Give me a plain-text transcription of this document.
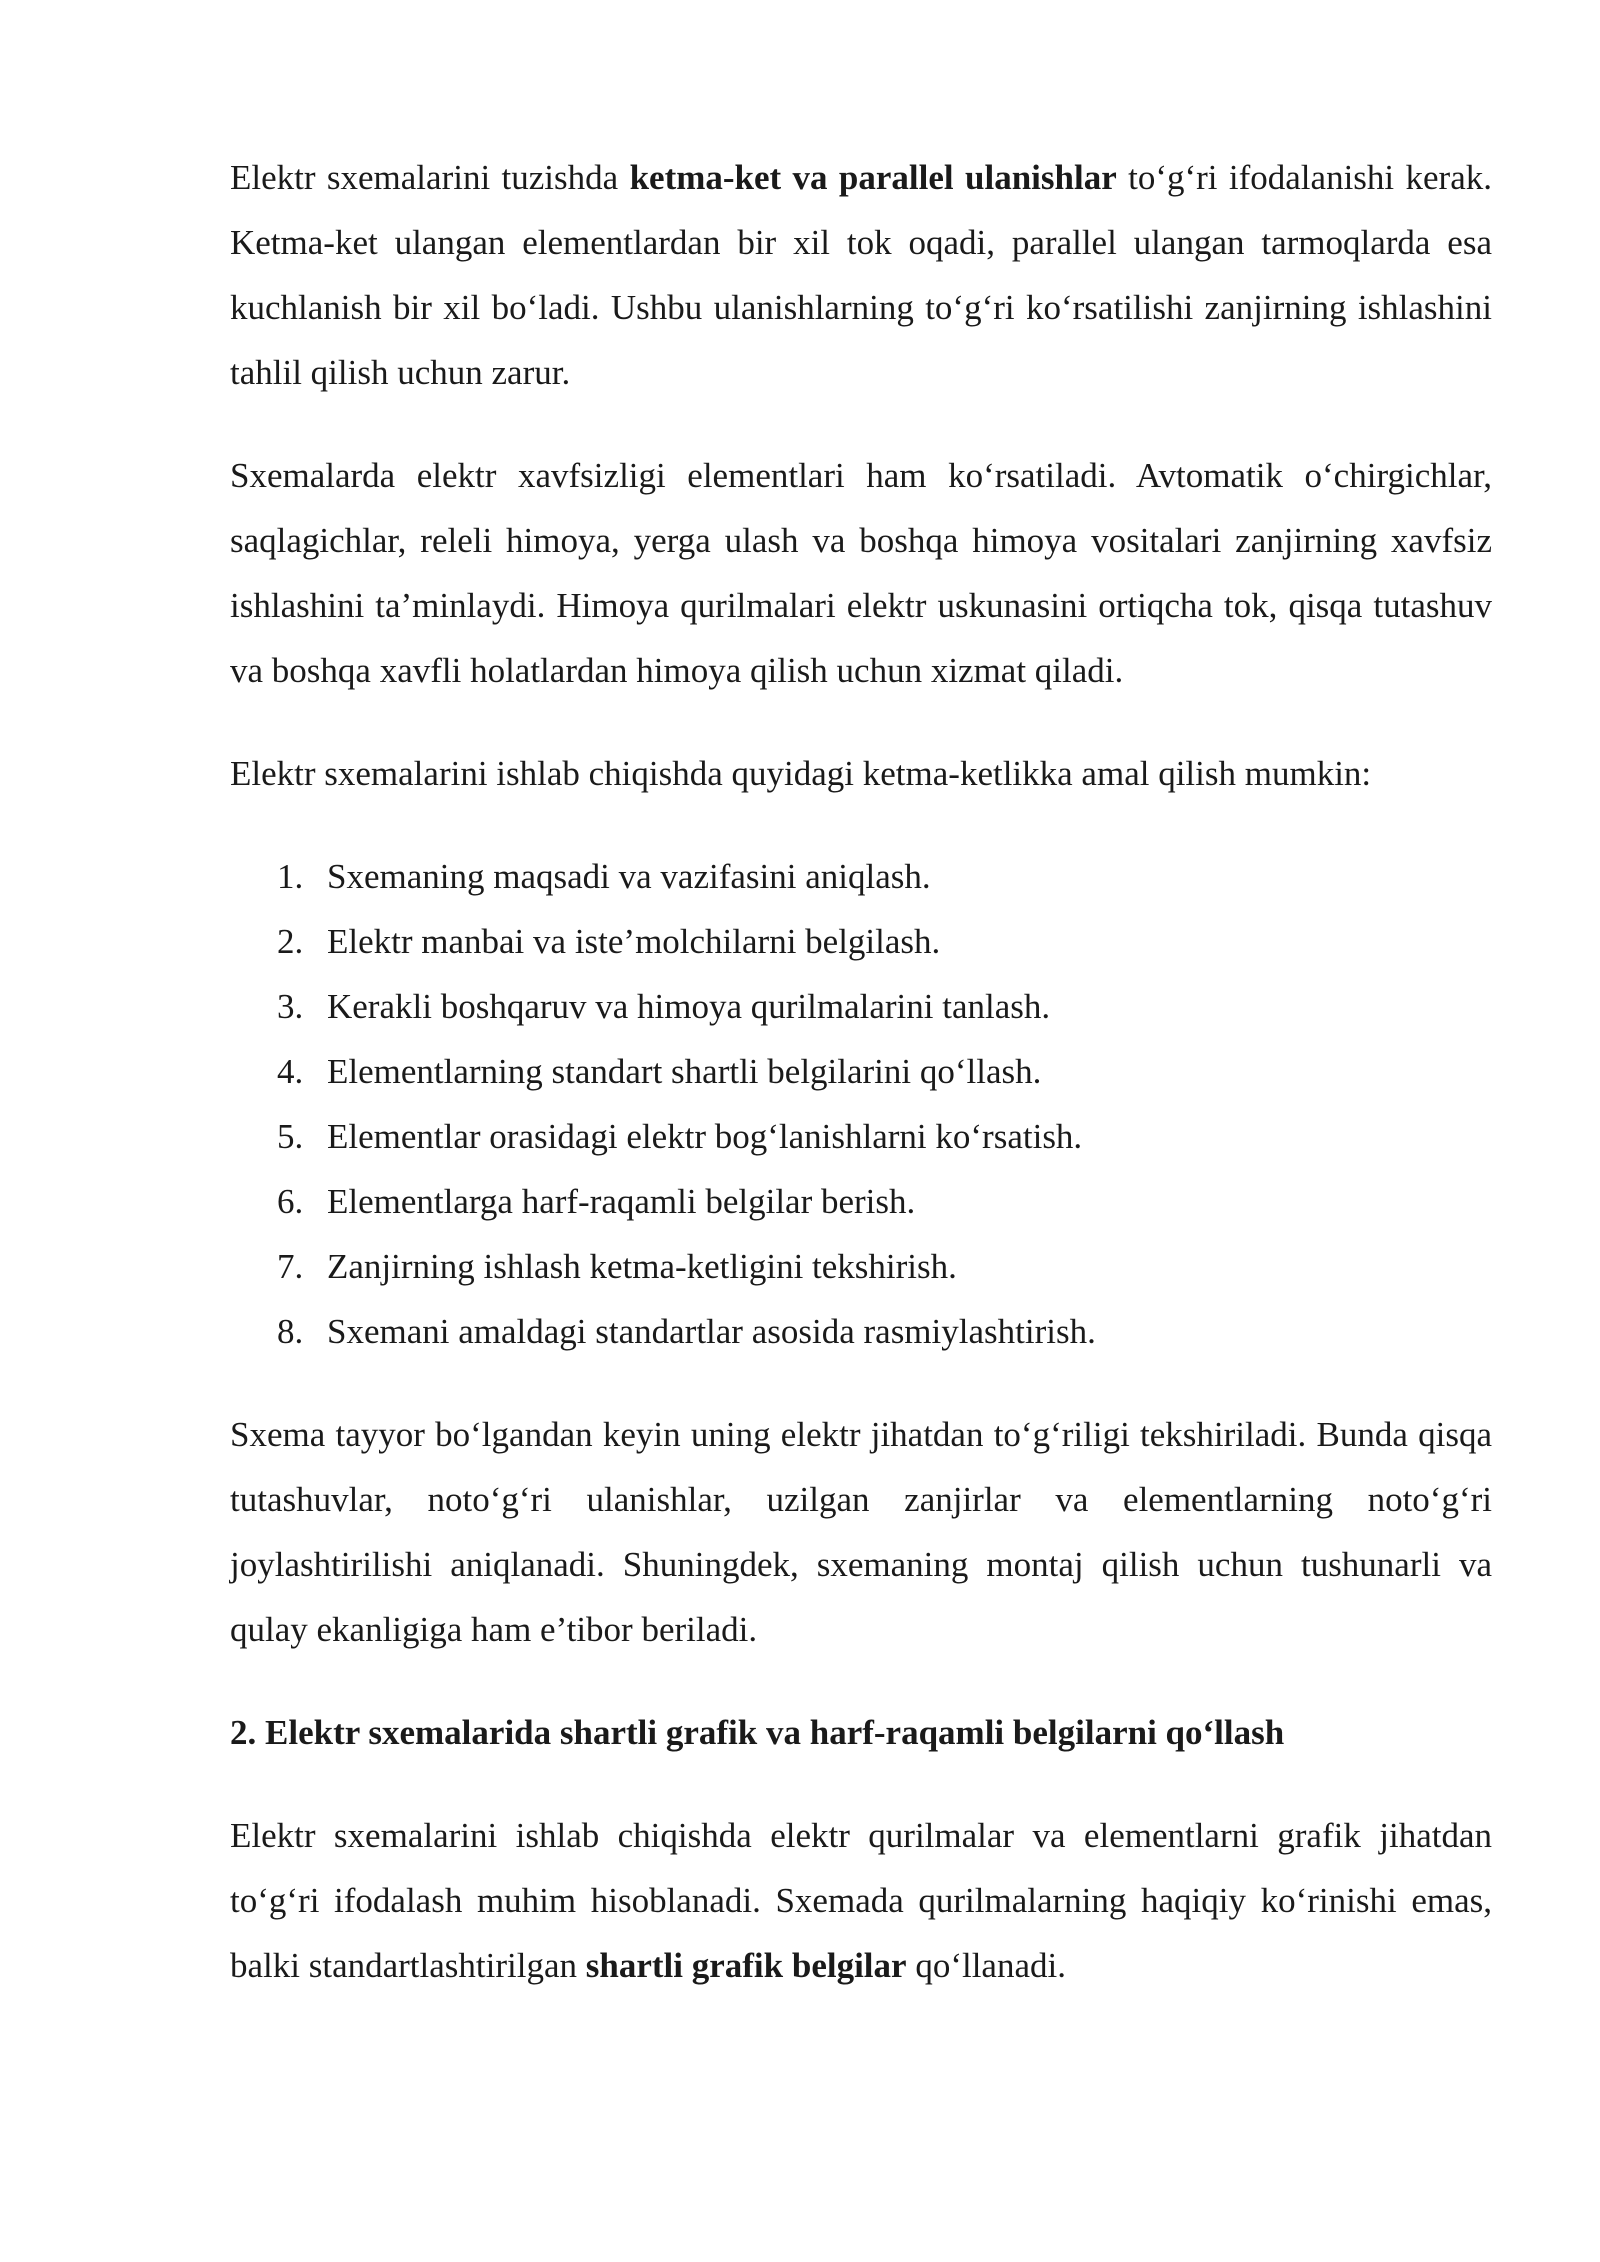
Elektr sxemalarini tuzishda ketma-ket va parallel ulanishlar to‘g‘ri ifodalanishi kerak. Ketma-ket ulangan elementlardan bir xil tok oqadi, parallel ulangan tarmoqlarda esa kuchlanish bir xil bo‘ladi. Ushbu ulanishlarning to‘g‘ri ko‘rsatilishi zanjirning ishlashini tahlil qilish uchun zarur.

Sxemalarda elektr xavfsizligi elementlari ham ko‘rsatiladi. Avtomatik o‘chirgichlar, saqlagichlar, releli himoya, yerga ulash va boshqa himoya vositalari zanjirning xavfsiz ishlashini ta’minlaydi. Himoya qurilmalari elektr uskunasini ortiqcha tok, qisqa tutashuv va boshqa xavfli holatlardan himoya qilish uchun xizmat qiladi.

Elektr sxemalarini ishlab chiqishda quyidagi ketma-ketlikka amal qilish mumkin:

1. Sxemaning maqsadi va vazifasini aniqlash.
2. Elektr manbai va iste’molchilarni belgilash.
3. Kerakli boshqaruv va himoya qurilmalarini tanlash.
4. Elementlarning standart shartli belgilarini qo‘llash.
5. Elementlar orasidagi elektr bog‘lanishlarni ko‘rsatish.
6. Elementlarga harf-raqamli belgilar berish.
7. Zanjirning ishlash ketma-ketligini tekshirish.
8. Sxemani amaldagi standartlar asosida rasmiylashtirish.

Sxema tayyor bo‘lgandan keyin uning elektr jihatdan to‘g‘riligi tekshiriladi. Bunda qisqa tutashuvlar, noto‘g‘ri ulanishlar, uzilgan zanjirlar va elementlarning noto‘g‘ri joylashtirilishi aniqlanadi. Shuningdek, sxemaning montaj qilish uchun tushunarli va qulay ekanligiga ham e’tibor beriladi.

2. Elektr sxemalarida shartli grafik va harf-raqamli belgilarni qo‘llash

Elektr sxemalarini ishlab chiqishda elektr qurilmalar va elementlarni grafik jihatdan to‘g‘ri ifodalash muhim hisoblanadi. Sxemada qurilmalarning haqiqiy ko‘rinishi emas, balki standartlashtirilgan shartli grafik belgilar qo‘llanadi.
